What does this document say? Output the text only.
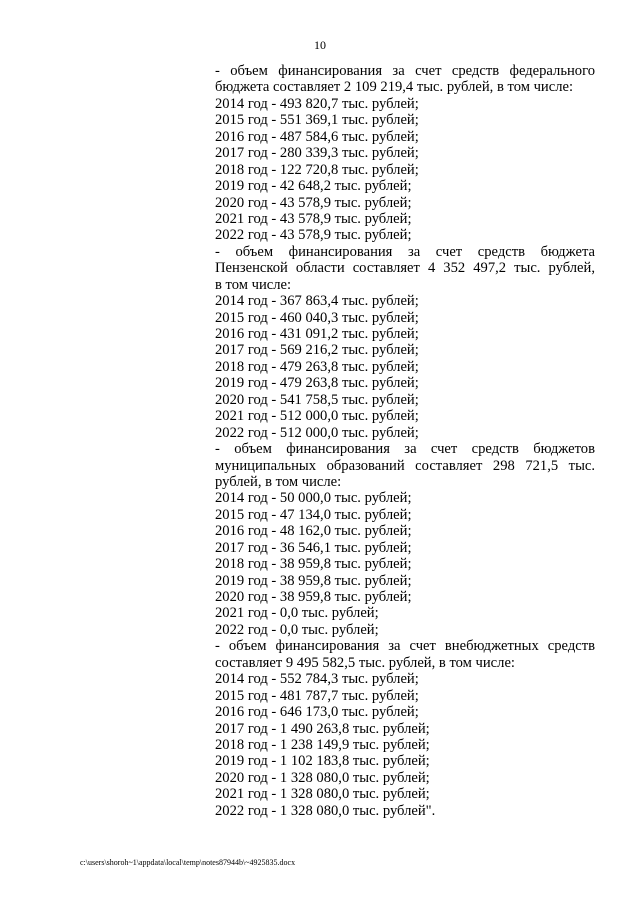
10
- объем финансирования за счет средств федерального
бюджета составляет 2 109 219,4 тыс. рублей, в том числе:
2014 год - 493 820,7 тыс. рублей;
2015 год - 551 369,1 тыс. рублей;
2016 год - 487 584,6 тыс. рублей;
2017 год - 280 339,3 тыс. рублей;
2018 год - 122 720,8 тыс. рублей;
2019 год - 42 648,2 тыс. рублей;
2020 год - 43 578,9 тыс. рублей;
2021 год - 43 578,9 тыс. рублей;
2022 год - 43 578,9 тыс. рублей;
- объем финансирования за счет средств бюджета
Пензенской области составляет 4 352 497,2 тыс. рублей,
в том числе:
2014 год - 367 863,4 тыс. рублей;
2015 год - 460 040,3 тыс. рублей;
2016 год - 431 091,2 тыс. рублей;
2017 год - 569 216,2 тыс. рублей;
2018 год - 479 263,8 тыс. рублей;
2019 год - 479 263,8 тыс. рублей;
2020 год - 541 758,5 тыс. рублей;
2021 год - 512 000,0 тыс. рублей;
2022 год - 512 000,0 тыс. рублей;
- объем финансирования за счет средств бюджетов
муниципальных образований составляет 298 721,5 тыс.
рублей, в том числе:
2014 год - 50 000,0 тыс. рублей;
2015 год - 47 134,0 тыс. рублей;
2016 год - 48 162,0 тыс. рублей;
2017 год - 36 546,1 тыс. рублей;
2018 год - 38 959,8 тыс. рублей;
2019 год - 38 959,8 тыс. рублей;
2020 год - 38 959,8 тыс. рублей;
2021 год - 0,0 тыс. рублей;
2022 год - 0,0 тыс. рублей;
- объем финансирования за счет внебюджетных средств
составляет 9 495 582,5 тыс. рублей, в том числе:
2014 год - 552 784,3 тыс. рублей;
2015 год - 481 787,7 тыс. рублей;
2016 год - 646 173,0 тыс. рублей;
2017 год - 1 490 263,8 тыс. рублей;
2018 год - 1 238 149,9 тыс. рублей;
2019 год - 1 102 183,8 тыс. рублей;
2020 год - 1 328 080,0 тыс. рублей;
2021 год - 1 328 080,0 тыс. рублей;
2022 год - 1 328 080,0 тыс. рублей".
c:\users\shoroh~1\appdata\local\temp\notes87944b\~4925835.docx
